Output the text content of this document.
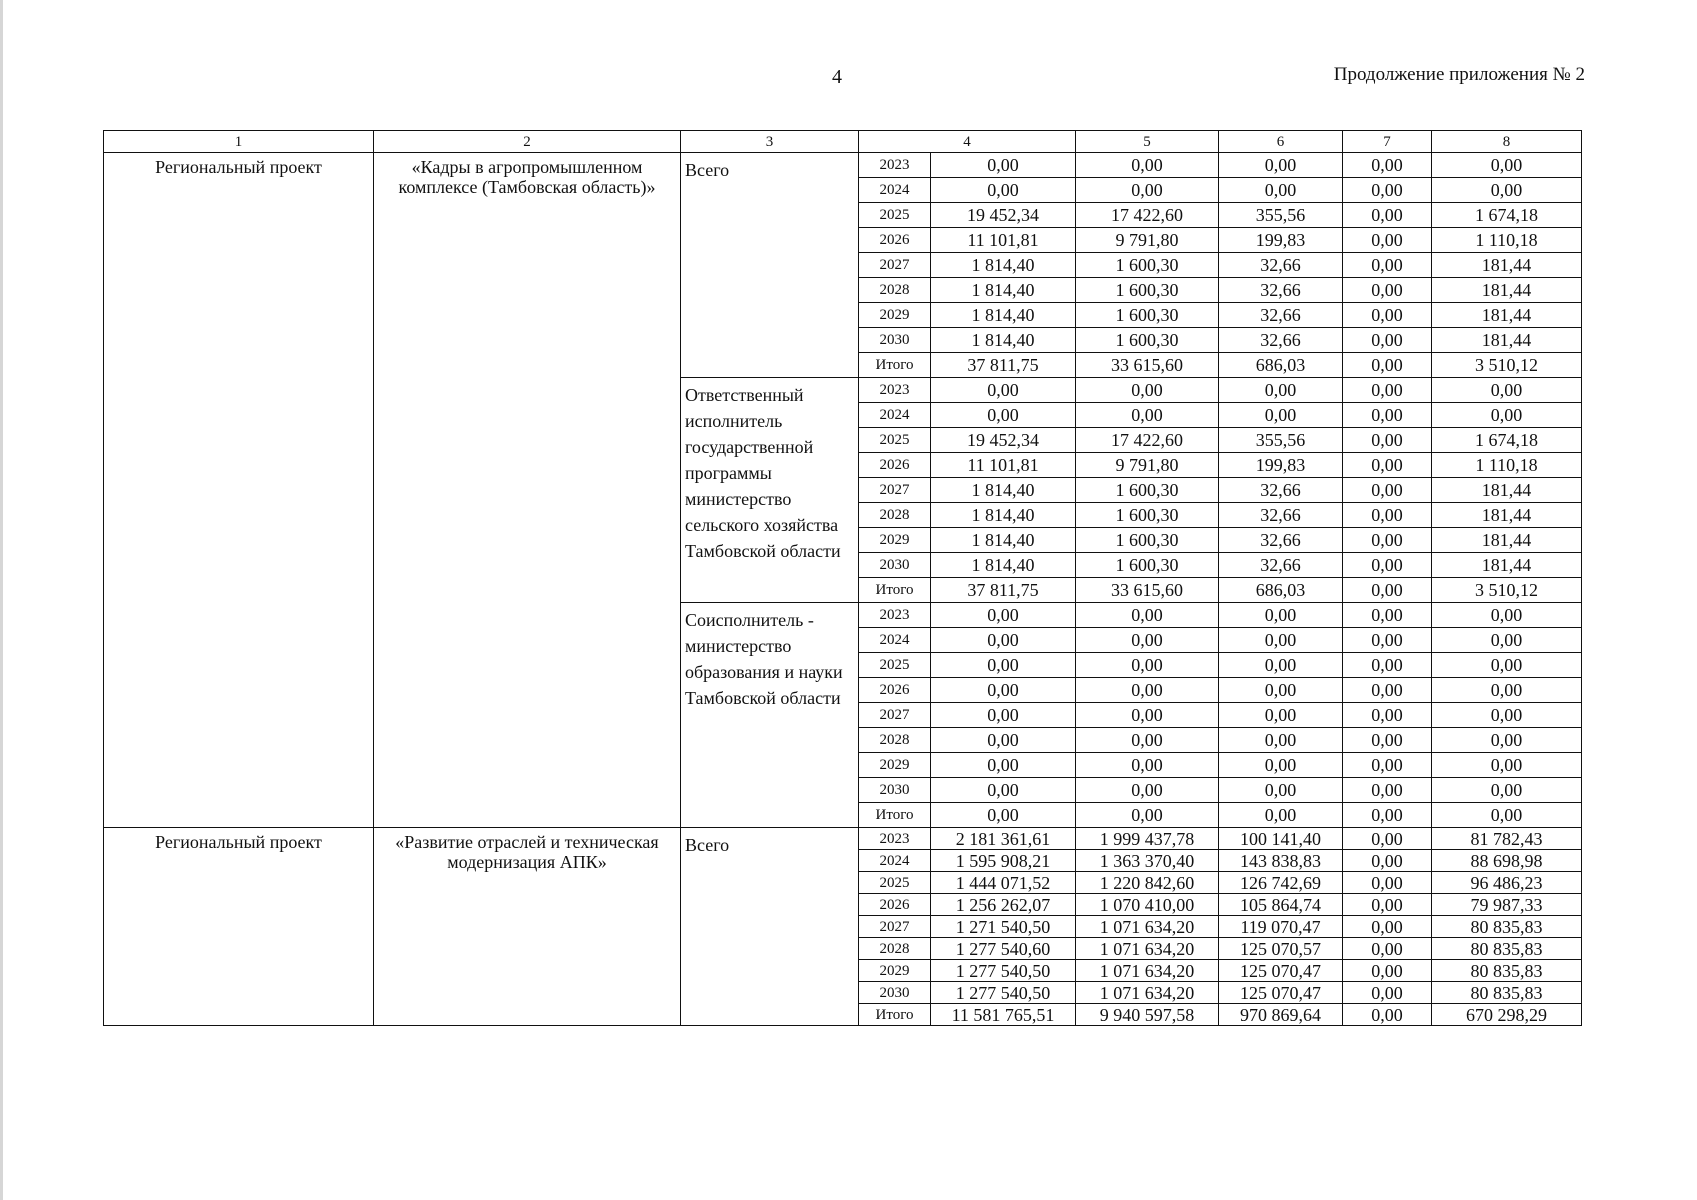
4	Продолжение приложения № 2
1	2	3	4		5	6	7	8
Региональный проект	«Кадры в агропромышленном комплексе (Тамбовская область)»	Всего	2023	0,00	0,00	0,00	0,00	0,00
			2024	0,00	0,00	0,00	0,00	0,00
			2025	19 452,34	17 422,60	355,56	0,00	1 674,18
			2026	11 101,81	9 791,80	199,83	0,00	1 110,18
			2027	1 814,40	1 600,30	32,66	0,00	181,44
			2028	1 814,40	1 600,30	32,66	0,00	181,44
			2029	1 814,40	1 600,30	32,66	0,00	181,44
			2030	1 814,40	1 600,30	32,66	0,00	181,44
			Итого	37 811,75	33 615,60	686,03	0,00	3 510,12
		Ответственный исполнитель государственной программы министерство сельского хозяйства Тамбовской области	2023	0,00	0,00	0,00	0,00	0,00
			2024	0,00	0,00	0,00	0,00	0,00
			2025	19 452,34	17 422,60	355,56	0,00	1 674,18
			2026	11 101,81	9 791,80	199,83	0,00	1 110,18
			2027	1 814,40	1 600,30	32,66	0,00	181,44
			2028	1 814,40	1 600,30	32,66	0,00	181,44
			2029	1 814,40	1 600,30	32,66	0,00	181,44
			2030	1 814,40	1 600,30	32,66	0,00	181,44
			Итого	37 811,75	33 615,60	686,03	0,00	3 510,12
		Соисполнитель - министерство образования и науки Тамбовской области	2023	0,00	0,00	0,00	0,00	0,00
			2024	0,00	0,00	0,00	0,00	0,00
			2025	0,00	0,00	0,00	0,00	0,00
			2026	0,00	0,00	0,00	0,00	0,00
			2027	0,00	0,00	0,00	0,00	0,00
			2028	0,00	0,00	0,00	0,00	0,00
			2029	0,00	0,00	0,00	0,00	0,00
			2030	0,00	0,00	0,00	0,00	0,00
			Итого	0,00	0,00	0,00	0,00	0,00
Региональный проект	«Развитие отраслей и техническая модернизация АПК»	Всего	2023	2 181 361,61	1 999 437,78	100 141,40	0,00	81 782,43
			2024	1 595 908,21	1 363 370,40	143 838,83	0,00	88 698,98
			2025	1 444 071,52	1 220 842,60	126 742,69	0,00	96 486,23
			2026	1 256 262,07	1 070 410,00	105 864,74	0,00	79 987,33
			2027	1 271 540,50	1 071 634,20	119 070,47	0,00	80 835,83
			2028	1 277 540,60	1 071 634,20	125 070,57	0,00	80 835,83
			2029	1 277 540,50	1 071 634,20	125 070,47	0,00	80 835,83
			2030	1 277 540,50	1 071 634,20	125 070,47	0,00	80 835,83
			Итого	11 581 765,51	9 940 597,58	970 869,64	0,00	670 298,29
